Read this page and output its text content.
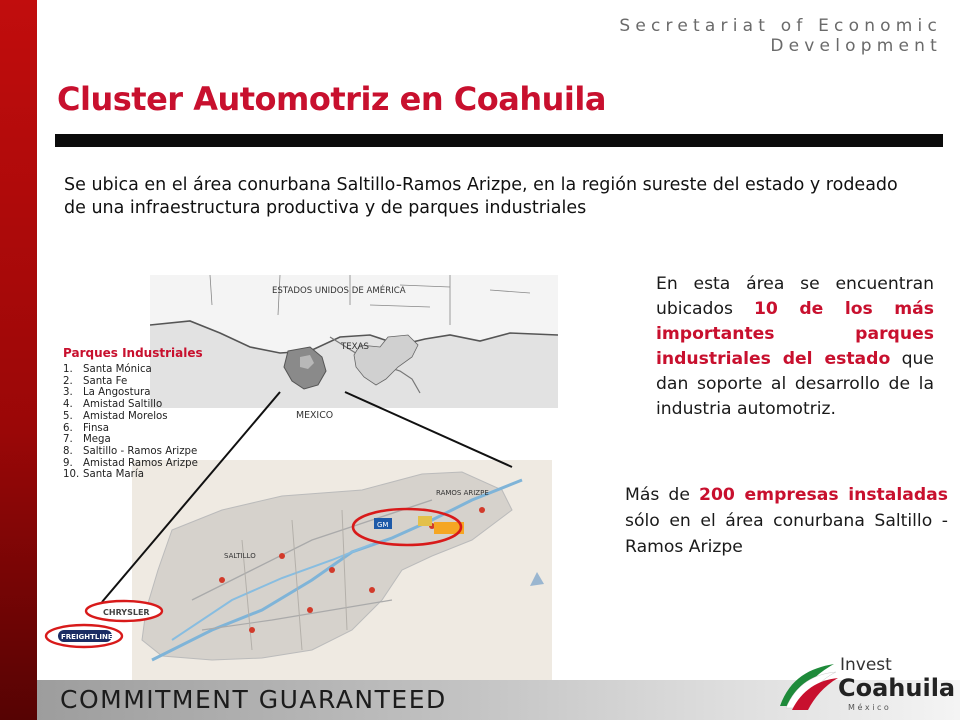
Secretariat of Economic
Development
Cluster Automotriz en Coahuila

Se ubica en el área conurbana Saltillo-Ramos Arizpe, en la región sureste del estado y rodeado de una infraestructura productiva y de parques industriales

ESTADOS UNIDOS DE AMÉRICA
TEXAS
MEXICO
GM
RAMOS ARIZPE
SALTILLO
CHRYSLER
FREIGHTLINER

Parques Industriales

1. Santa Mónica
2. Santa Fe
3. La Angostura
4. Amistad Saltillo
5. Amistad Morelos
6. Finsa
7. Mega
8. Saltillo - Ramos Arizpe
9. Amistad Ramos Arizpe
10. Santa María

En esta área se encuentran ubicados 10 de los más importantes parques industriales del estado que dan soporte al desarrollo de la industria automotriz.

Más de 200 empresas instaladas sólo en el área conurbana Saltillo - Ramos Arizpe

COMMITMENT GUARANTEED
Invest
Coahuila
M é x i c o
